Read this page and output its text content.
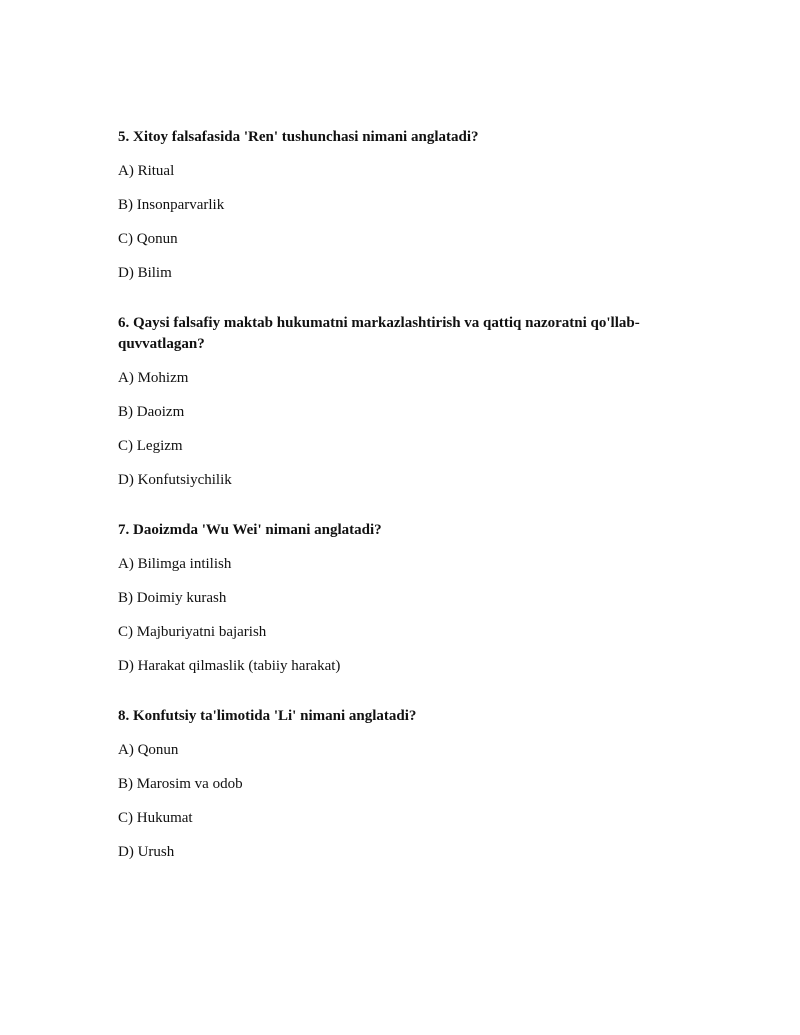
5. Xitoy falsafasida 'Ren' tushunchasi nimani anglatadi?

A) Ritual

B) Insonparvarlik

C) Qonun

D) Bilim

6. Qaysi falsafiy maktab hukumatni markazlashtirish va qattiq nazoratni qo'llab-quvvatlagan?

A) Mohizm

B) Daoizm

C) Legizm

D) Konfutsiychilik

7. Daoizmda 'Wu Wei' nimani anglatadi?

A) Bilimga intilish

B) Doimiy kurash

C) Majburiyatni bajarish

D) Harakat qilmaslik (tabiiy harakat)

8. Konfutsiy ta'limotida 'Li' nimani anglatadi?

A) Qonun

B) Marosim va odob

C) Hukumat

D) Urush
